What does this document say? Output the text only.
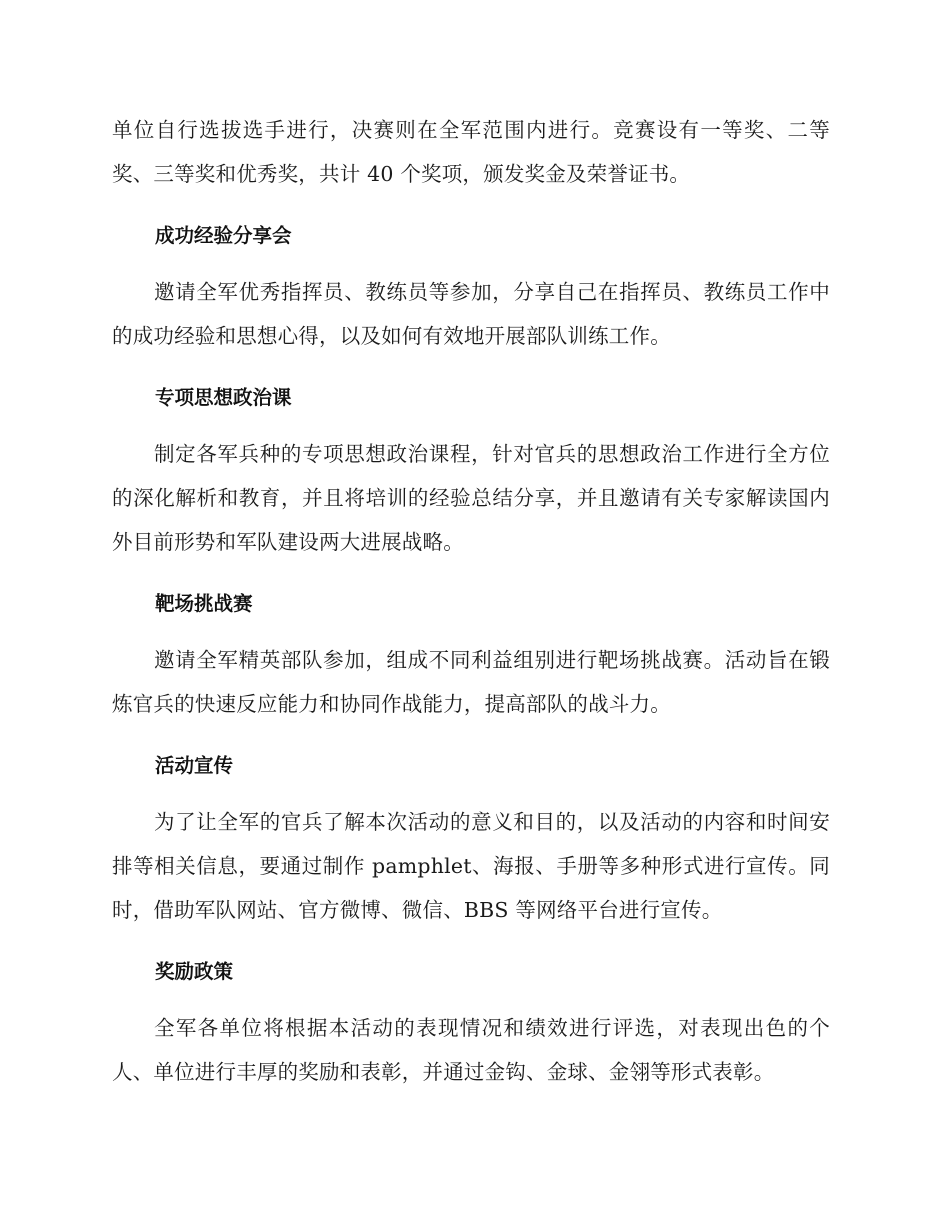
单位自行选拔选手进行，决赛则在全军范围内进行。竞赛设有一等奖、二等奖、三等奖和优秀奖，共计 40 个奖项，颁发奖金及荣誉证书。

成功经验分享会

邀请全军优秀指挥员、教练员等参加，分享自己在指挥员、教练员工作中的成功经验和思想心得，以及如何有效地开展部队训练工作。

专项思想政治课

制定各军兵种的专项思想政治课程，针对官兵的思想政治工作进行全方位的深化解析和教育，并且将培训的经验总结分享，并且邀请有关专家解读国内外目前形势和军队建设两大进展战略。

靶场挑战赛

邀请全军精英部队参加，组成不同利益组别进行靶场挑战赛。活动旨在锻炼官兵的快速反应能力和协同作战能力，提高部队的战斗力。

活动宣传

为了让全军的官兵了解本次活动的意义和目的，以及活动的内容和时间安排等相关信息，要通过制作 pamphlet、海报、手册等多种形式进行宣传。同时，借助军队网站、官方微博、微信、BBS 等网络平台进行宣传。

奖励政策

全军各单位将根据本活动的表现情况和绩效进行评选，对表现出色的个人、单位进行丰厚的奖励和表彰，并通过金钩、金球、金翎等形式表彰。
